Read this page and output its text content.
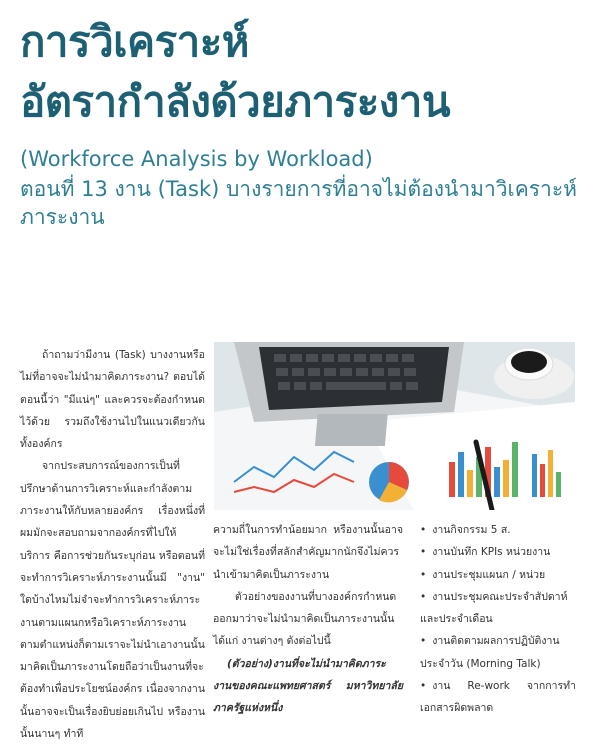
การวิเคราะห์
อัตรากำลังด้วยภาระงาน
(Workforce Analysis by Workload)
ตอนที่ 13 งาน (Task) บางรายการที่อาจไม่ต้องนำมาวิเคราะห์ภาระงาน

ถ้าถามว่ามีงาน (Task) บางงานหรือไม่ที่อาจจะไม่นำมาคิดภาระงาน? ตอบได้ตอนนี้ว่า "มีแน่ๆ" และควรจะต้องกำหนดไว้ด้วย รวมถึงใช้งานไปในแนวเดียวกันทั้งองค์กร

จากประสบการณ์ของการเป็นที่ปรึกษาด้านการวิเคราะห์และกำลังตามภาระงานให้กับหลายองค์กร เรื่องหนึ่งที่ผมมักจะสอบถามจากองค์กรที่ไปให้บริการ คือการช่วยกันระบุก่อน หรือตอนที่จะทำการวิเคราะห์ภาระงานนั้นมี "งาน" ใดบ้างไหมไม่จำจะทำการวิเคราะห์ภาระงานตามแผนกหรือวิเคราะห์ภาระงานตามตำแหน่งก็ตามเราจะไม่นำเอางานนั้นมาคิดเป็นภาระงานโดยถือว่าเป็นงานที่จะต้องทำเพื่อประโยชน์องค์กร เนื่องจากงานนั้นอาจจะเป็นเรื่องยิบย่อยเกินไป หรืองานนั้นนานๆ ทำที

ความถี่ในการทำน้อยมาก หรืองานนั้นอาจจะไม่ใช่เรื่องที่สลักสำคัญมากนักจึงไม่ควรนำเข้ามาคิดเป็นภาระงาน

ตัวอย่างของงานที่บางองค์กรกำหนดออกมาว่าจะไม่นำมาคิดเป็นภาระงานนั้นได้แก่ งานต่างๆ ดังต่อไปนี้

(ตัวอย่าง)งานที่จะไม่นำมาคิดภาระงานของคณะแพทยศาสตร์ มหาวิทยาลัยภาครัฐแห่งหนึ่ง

• งานกิจกรรม 5 ส.

• งานบันทึก KPIs หน่วยงาน

• งานประชุมแผนก / หน่วย

• งานประชุมคณะประจำสัปดาห์และประจำเดือน

• งานติดตามผลการปฏิบัติงานประจำวัน (Morning Talk)

• งาน Re-work จากการทำเอกสารผิดพลาด
